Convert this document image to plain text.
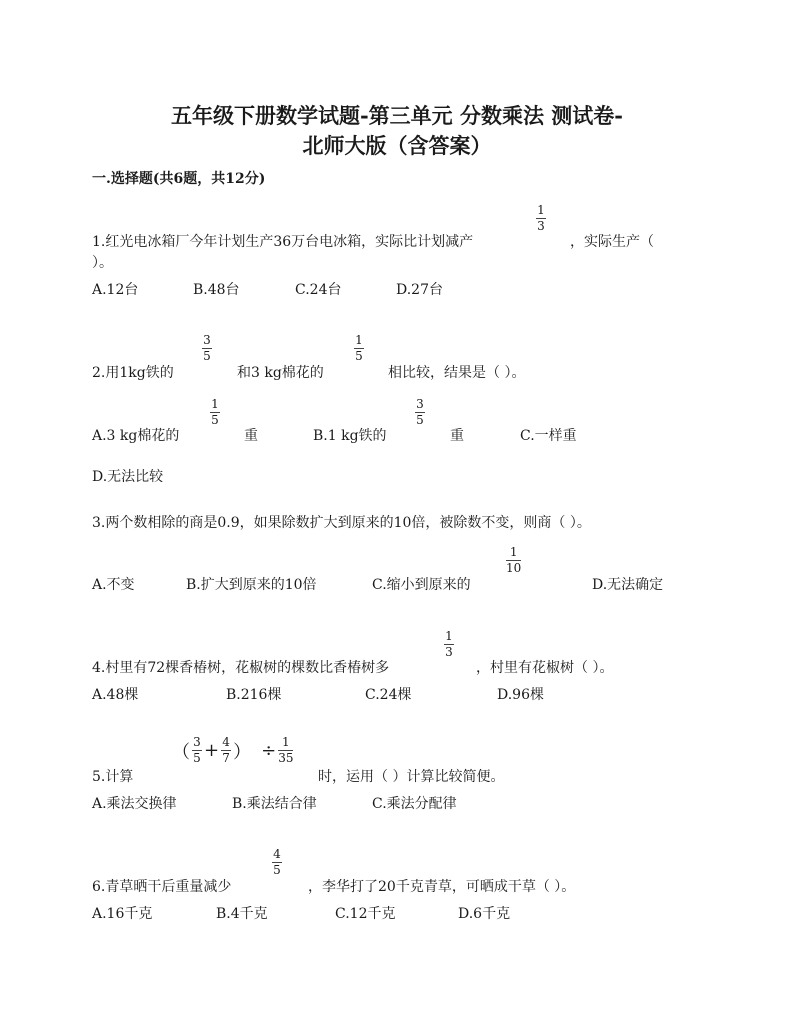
五年级下册数学试题-第三单元 分数乘法 测试卷-
北师大版（含答案）

一.选择题(共6题，共12分)

1.红光电冰箱厂今年计划生产36万台电冰箱，实际比计划减产
1
3
，实际生产（
）。
A.12台	B.48台	C.24台	D.27台
2.用1kg铁的
3
5
和3 kg棉花的
1
5
相比较，结果是（ ）。
A.3 kg棉花的
1
5
重	B.1 kg铁的
3
5
重	C.一样重
D.无法比较
3.两个数相除的商是0.9，如果除数扩大到原来的10倍，被除数不变，则商（ ）。
A.不变	B.扩大到原来的10倍	C.缩小到原来的
1
10
D.无法确定
4.村里有72棵香椿树，花椒树的棵数比香椿树多
1
3
，村里有花椒树（ ）。
A.48棵	B.216棵	C.24棵	D.96棵
5.计算
（ $\frac{3}{5} + \frac{4}{7}$ ） ÷ $\frac{1}{35}$
时，运用（ ）计算比较简便。
A.乘法交换律	B.乘法结合律	C.乘法分配律
6.青草晒干后重量减少
4
5
，李华打了20千克青草，可晒成干草（ ）。
A.16千克	B.4千克	C.12千克	D.6千克
